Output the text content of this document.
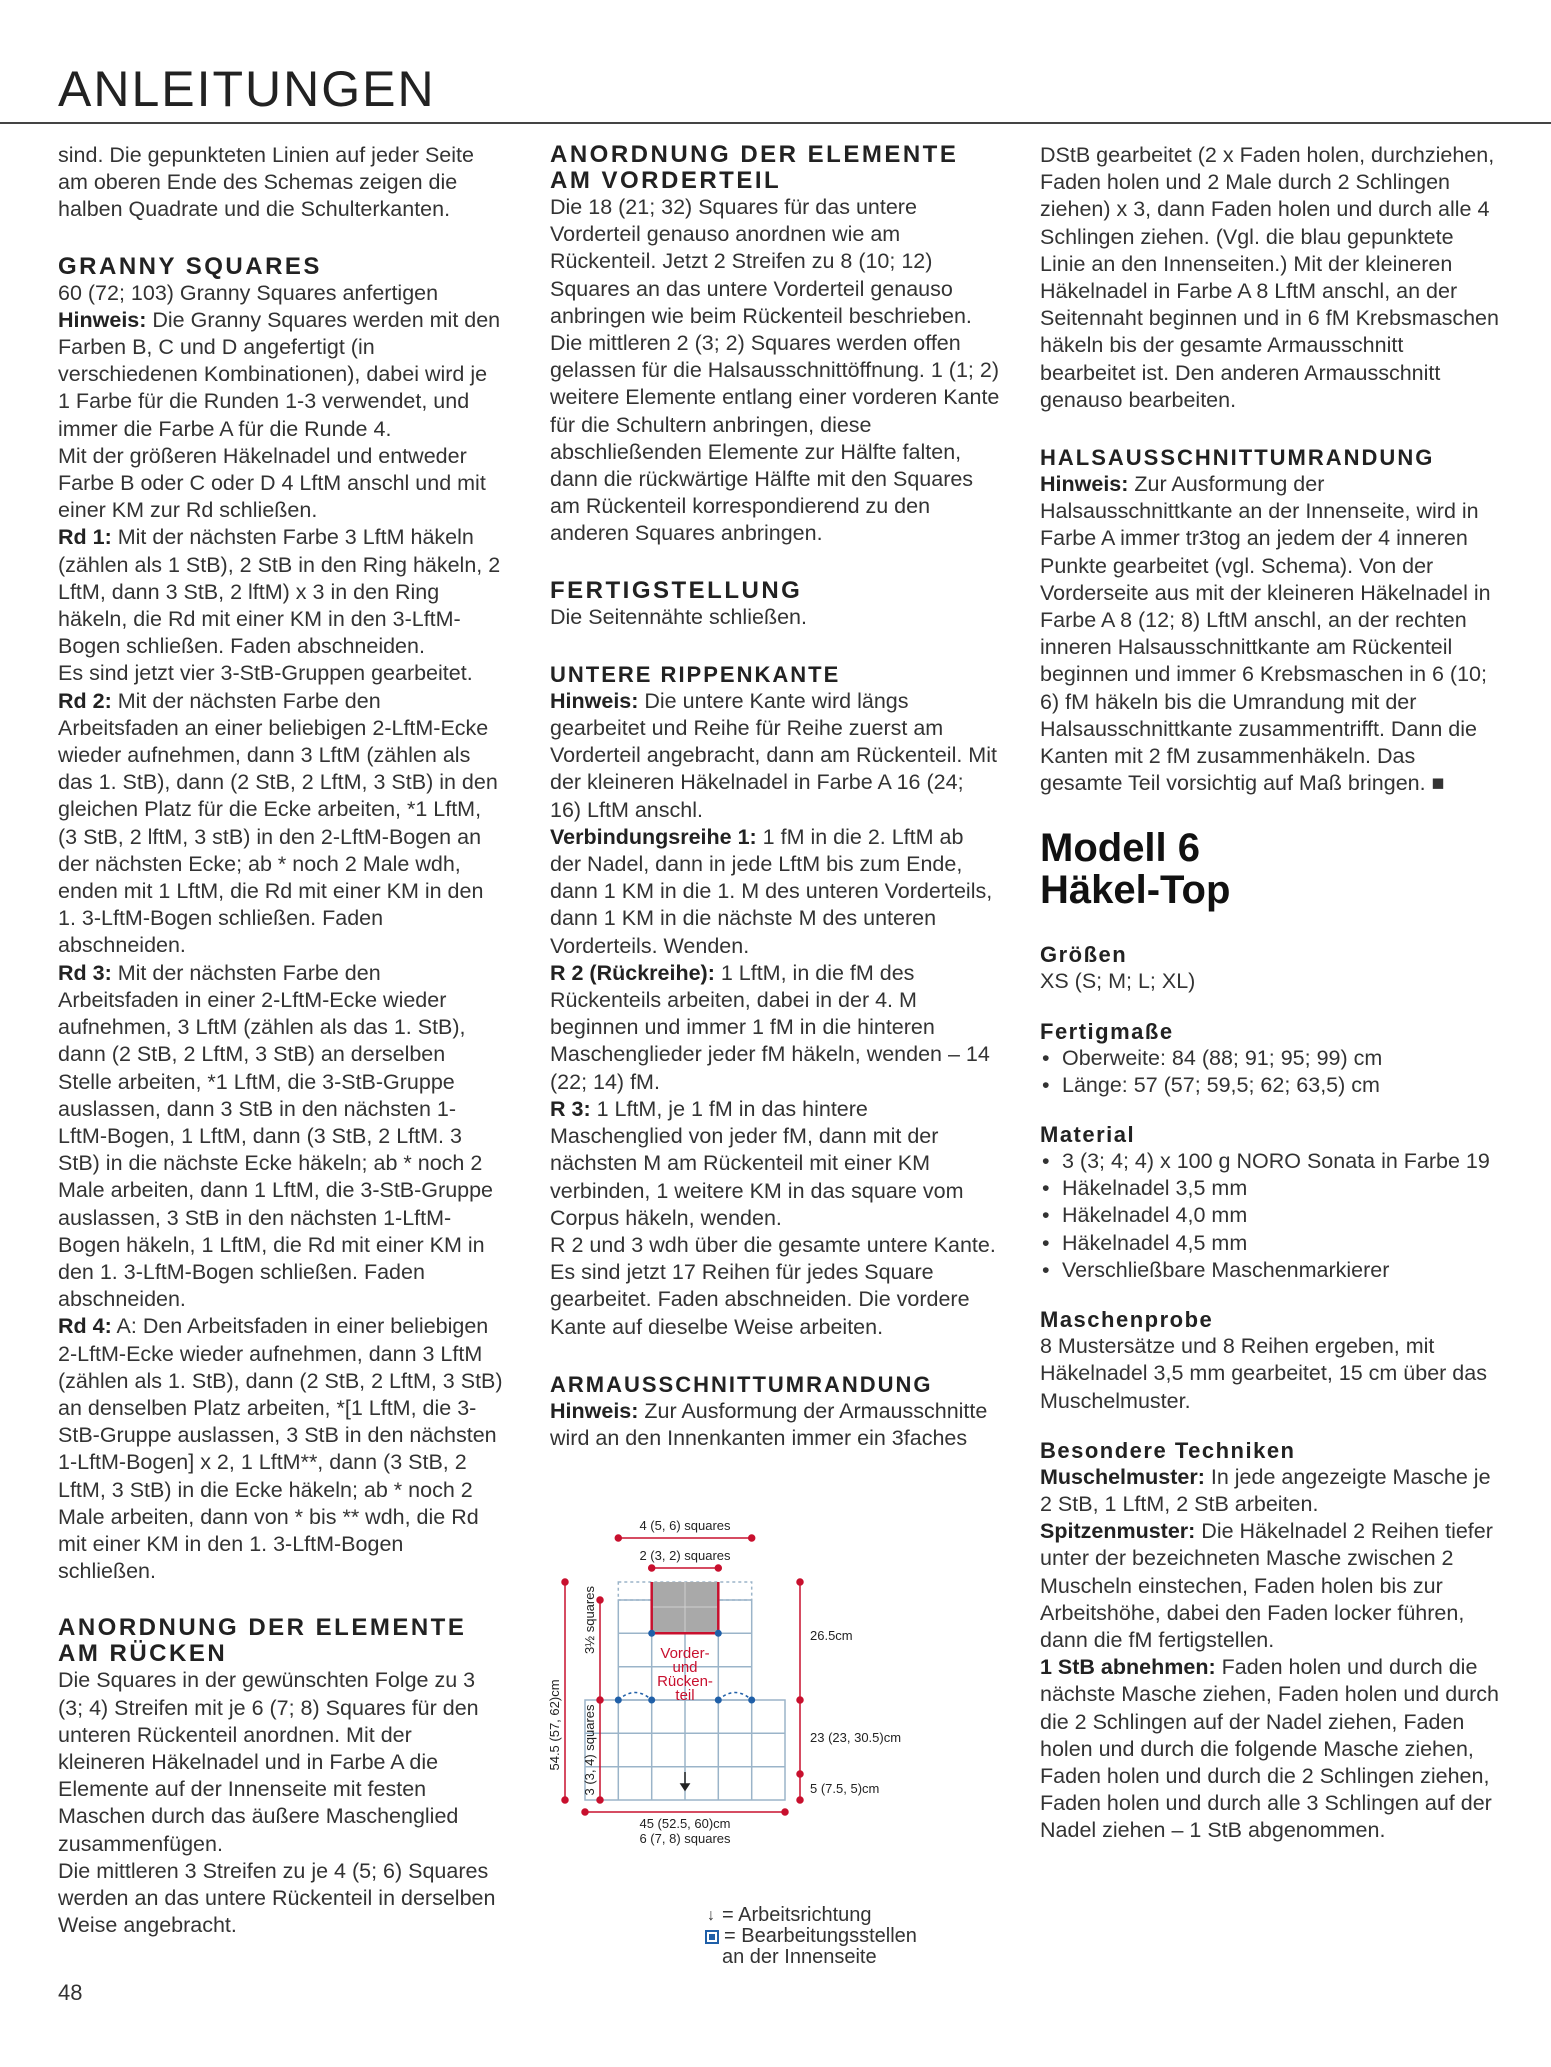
ANLEITUNGEN

sind. Die gepunkteten Linien auf jeder Seite am oberen Ende des Schemas zeigen die halben Quadrate und die Schulterkanten.

GRANNY SQUARES

60 (72; 103) Granny Squares anfertigen

Hinweis: Die Granny Squares werden mit den Farben B, C und D angefertigt (in verschiedenen Kombinationen), dabei wird je 1 Farbe für die Runden 1-3 verwendet, und immer die Farbe A für die Runde 4.

Mit der größeren Häkelnadel und entweder Farbe B oder C oder D 4 LftM anschl und mit einer KM zur Rd schließen.

Rd 1: Mit der nächsten Farbe 3 LftM häkeln (zählen als 1 StB), 2 StB in den Ring häkeln, 2 LftM, dann 3 StB, 2 lftM) x 3 in den Ring häkeln, die Rd mit einer KM in den 3-LftM-Bogen schließen. Faden abschneiden.

Es sind jetzt vier 3-StB-Gruppen gearbeitet.

Rd 2: Mit der nächsten Farbe den Arbeitsfaden an einer beliebigen 2-LftM-Ecke wieder aufnehmen, dann 3 LftM (zählen als das 1. StB), dann (2 StB, 2 LftM, 3 StB) in den gleichen Platz für die Ecke arbeiten, *1 LftM, (3 StB, 2 lftM, 3 stB) in den 2-LftM-Bogen an der nächsten Ecke; ab * noch 2 Male wdh, enden mit 1 LftM, die Rd mit einer KM in den 1. 3-LftM-Bogen schließen. Faden abschneiden.

Rd 3: Mit der nächsten Farbe den Arbeitsfaden in einer 2-LftM-Ecke wieder aufnehmen, 3 LftM (zählen als das 1. StB), dann (2 StB, 2 LftM, 3 StB) an derselben Stelle arbeiten, *1 LftM, die 3-StB-Gruppe auslassen, dann 3 StB in den nächsten 1-LftM-Bogen, 1 LftM, dann (3 StB, 2 LftM. 3 StB) in die nächste Ecke häkeln; ab * noch 2 Male arbeiten, dann 1 LftM, die 3-StB-Gruppe auslassen, 3 StB in den nächsten 1-LftM-Bogen häkeln, 1 LftM, die Rd mit einer KM in den 1. 3-LftM-Bogen schließen. Faden abschneiden.

Rd 4: A: Den Arbeitsfaden in einer beliebigen 2-LftM-Ecke wieder aufnehmen, dann 3 LftM (zählen als 1. StB), dann (2 StB, 2 LftM, 3 StB) an denselben Platz arbeiten, *[1 LftM, die 3-StB-Gruppe auslassen, 3 StB in den nächsten 1-LftM-Bogen] x 2, 1 LftM**, dann (3 StB, 2 LftM, 3 StB) in die Ecke häkeln; ab * noch 2 Male arbeiten, dann von * bis ** wdh, die Rd mit einer KM in den 1. 3-LftM-Bogen schließen.

ANORDNUNG DER ELEMENTE AM RÜCKEN

Die Squares in der gewünschten Folge zu 3 (3; 4) Streifen mit je 6 (7; 8) Squares für den unteren Rückenteil anordnen. Mit der kleineren Häkelnadel und in Farbe A die Elemente auf der Innenseite mit festen Maschen durch das äußere Maschenglied zusammenfügen.

Die mittleren 3 Streifen zu je 4 (5; 6) Squares werden an das untere Rückenteil in derselben Weise angebracht.

ANORDNUNG DER ELEMENTE AM VORDERTEIL

Die 18 (21; 32) Squares für das untere Vorderteil genauso anordnen wie am Rückenteil. Jetzt 2 Streifen zu 8 (10; 12) Squares an das untere Vorderteil genauso anbringen wie beim Rückenteil beschrieben. Die mittleren 2 (3; 2) Squares werden offen gelassen für die Halsausschnittöffnung. 1 (1; 2) weitere Elemente entlang einer vorderen Kante für die Schultern anbringen, diese abschließenden Elemente zur Hälfte falten, dann die rückwärtige Hälfte mit den Squares am Rückenteil korrespondierend zu den anderen Squares anbringen.

FERTIGSTELLUNG

Die Seitennähte schließen.

UNTERE RIPPENKANTE

Hinweis: Die untere Kante wird längs gearbeitet und Reihe für Reihe zuerst am Vorderteil angebracht, dann am Rückenteil. Mit der kleineren Häkelnadel in Farbe A 16 (24; 16) LftM anschl.

Verbindungsreihe 1: 1 fM in die 2. LftM ab der Nadel, dann in jede LftM bis zum Ende, dann 1 KM in die 1. M des unteren Vorderteils, dann 1 KM in die nächste M des unteren Vorderteils. Wenden.

R 2 (Rückreihe): 1 LftM, in die fM des Rückenteils arbeiten, dabei in der 4. M beginnen und immer 1 fM in die hinteren Maschenglieder jeder fM häkeln, wenden – 14 (22; 14) fM.

R 3: 1 LftM, je 1 fM in das hintere Maschenglied von jeder fM, dann mit der nächsten M am Rückenteil mit einer KM verbinden, 1 weitere KM in das square vom Corpus häkeln, wenden.

R 2 und 3 wdh über die gesamte untere Kante. Es sind jetzt 17 Reihen für jedes Square gearbeitet. Faden abschneiden. Die vordere Kante auf dieselbe Weise arbeiten.

ARMAUSSCHNITTUMRANDUNG

Hinweis: Zur Ausformung der Armausschnitte wird an den Innenkanten immer ein 3faches

Vorder-
und
Rücken-
teil
4 (5, 6) squares
2 (3, 2) squares
26.5cm
23 (23, 30.5)cm
5 (7.5, 5)cm
45 (52.5, 60)cm
6 (7, 8) squares
54.5 (57, 62)cm
3½ squares
3 (3, 4) squares
↓ = Arbeitsrichtung
= Bearbeitungsstellen
an der Innenseite

DStB gearbeitet (2 x Faden holen, durchziehen, Faden holen und 2 Male durch 2 Schlingen ziehen) x 3, dann Faden holen und durch alle 4 Schlingen ziehen. (Vgl. die blau gepunktete Linie an den Innenseiten.) Mit der kleineren Häkelnadel in Farbe A 8 LftM anschl, an der Seitennaht beginnen und in 6 fM Krebsmaschen häkeln bis der gesamte Armausschnitt bearbeitet ist. Den anderen Armausschnitt genauso bearbeiten.

HALSAUSSCHNITTUMRANDUNG

Hinweis: Zur Ausformung der Halsausschnittkante an der Innenseite, wird in Farbe A immer tr3tog an jedem der 4 inneren Punkte gearbeitet (vgl. Schema). Von der Vorderseite aus mit der kleineren Häkelnadel in Farbe A 8 (12; 8) LftM anschl, an der rechten inneren Halsausschnittkante am Rückenteil beginnen und immer 6 Krebsmaschen in 6 (10; 6) fM häkeln bis die Umrandung mit der Halsausschnittkante zusammentrifft. Dann die Kanten mit 2 fM zusammenhäkeln. Das gesamte Teil vorsichtig auf Maß bringen. ■

Modell 6
Häkel-Top
Größen

XS (S; M; L; XL)

Fertigmaße
• Oberweite: 84 (88; 91; 95; 99) cm
• Länge: 57 (57; 59,5; 62; 63,5) cm
Material
• 3 (3; 4; 4) x 100 g NORO Sonata in Farbe 19
• Häkelnadel 3,5 mm
• Häkelnadel 4,0 mm
• Häkelnadel 4,5 mm
• Verschließbare Maschenmarkierer
Maschenprobe

8 Mustersätze und 8 Reihen ergeben, mit Häkelnadel 3,5 mm gearbeitet, 15 cm über das Muschelmuster.

Besondere Techniken

Muschelmuster: In jede angezeigte Masche je 2 StB, 1 LftM, 2 StB arbeiten.

Spitzenmuster: Die Häkelnadel 2 Reihen tiefer unter der bezeichneten Masche zwischen 2 Muscheln einstechen, Faden holen bis zur Arbeitshöhe, dabei den Faden locker führen, dann die fM fertigstellen.

1 StB abnehmen: Faden holen und durch die nächste Masche ziehen, Faden holen und durch die 2 Schlingen auf der Nadel ziehen, Faden holen und durch die folgende Masche ziehen, Faden holen und durch die 2 Schlingen ziehen, Faden holen und durch alle 3 Schlingen auf der Nadel ziehen – 1 StB abgenommen.

48
